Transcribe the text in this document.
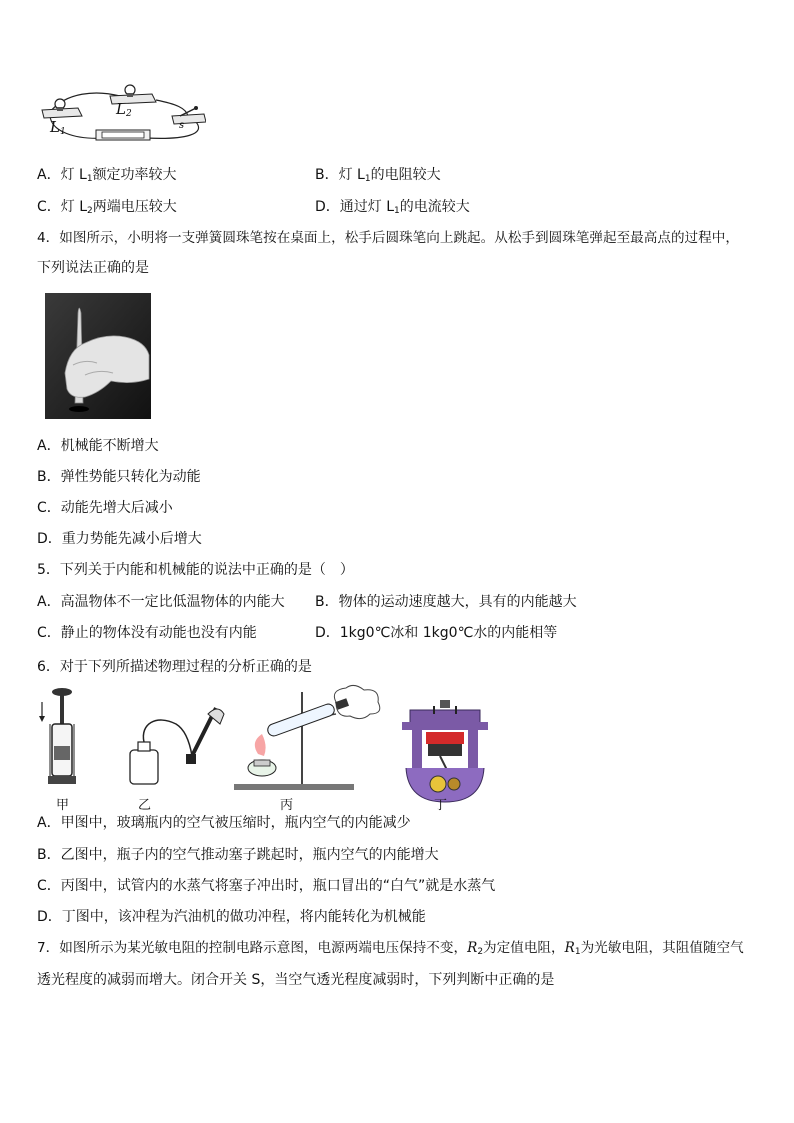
$L_1$
$L_2$
s
A．灯 $L_1$额定功率较大	B．灯 $L_1$的电阻较大
C．灯 $L_2$两端电压较大	D．通过灯 $L_1$的电流较大
4．如图所示，小明将一支弹簧圆珠笔按在桌面上，松手后圆珠笔向上跳起。从松手到圆珠笔弹起至最高点的过程中，
下列说法正确的是
A．机械能不断增大
B．弹性势能只转化为动能
C．动能先增大后减小
D．重力势能先减小后增大
5．下列关于内能和机械能的说法中正确的是（　）
A．高温物体不一定比低温物体的内能大 B．物体的运动速度越大，具有的内能越大
C．静止的物体没有动能也没有内能	D．1kg0℃冰和 1kg0℃水的内能相等
6．对于下列所描述物理过程的分析正确的是
甲	乙	丙	丁
A．甲图中，玻璃瓶内的空气被压缩时，瓶内空气的内能减少
B．乙图中，瓶子内的空气推动塞子跳起时，瓶内空气的内能增大
C．丙图中，试管内的水蒸气将塞子冲出时，瓶口冒出的“白气”就是水蒸气
D．丁图中，该冲程为汽油机的做功冲程，将内能转化为机械能
7．如图所示为某光敏电阻的控制电路示意图，电源两端电压保持不变，$R_2$为定值电阻，$R_1$为光敏电阻，其阻值随空气
透光程度的减弱而增大。闭合开关 S，当空气透光程度减弱时，下列判断中正确的是
